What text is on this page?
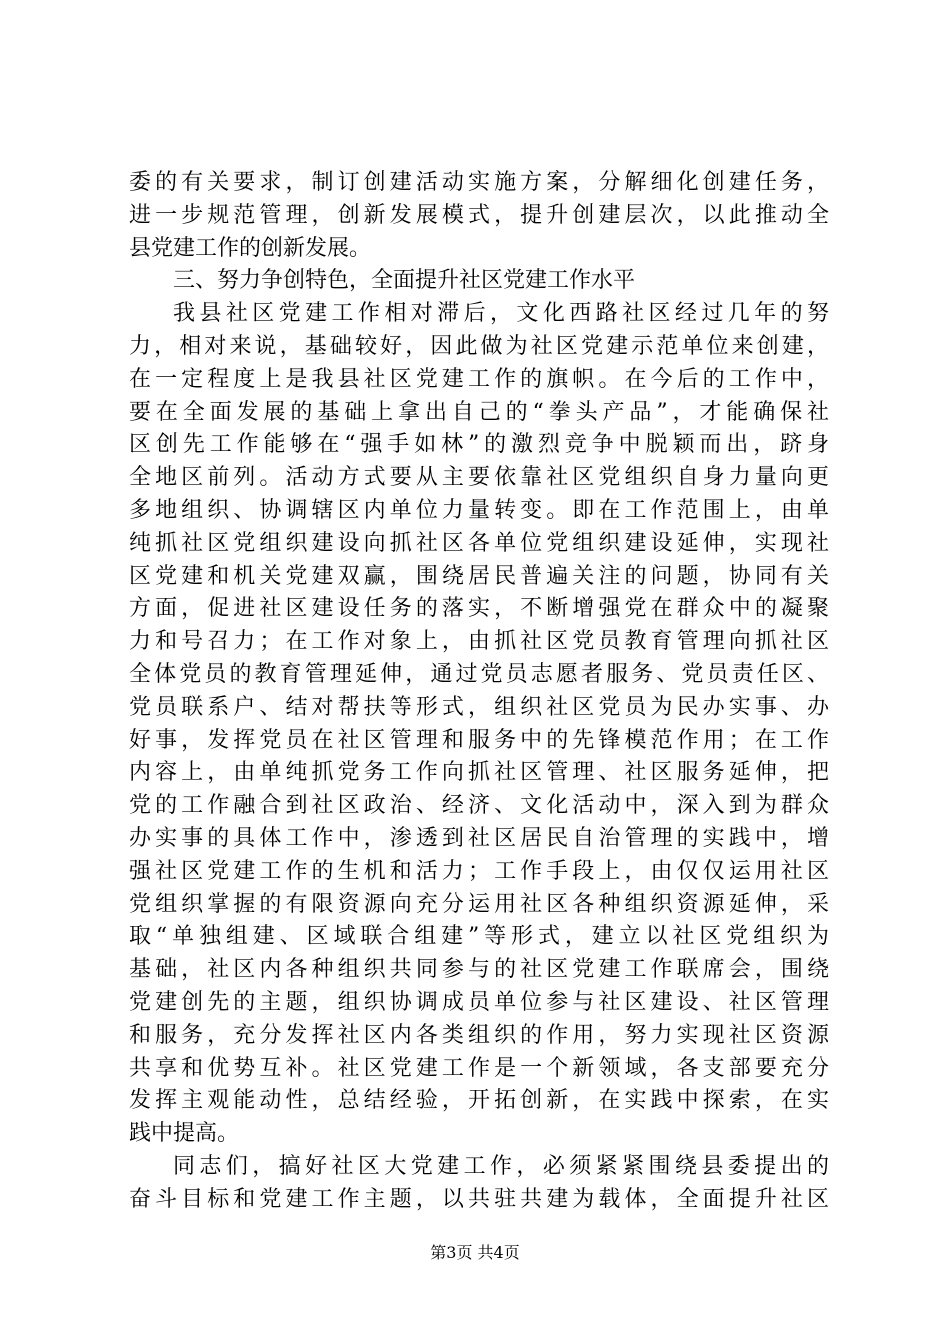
委的有关要求，制订创建活动实施方案，分解细化创建任务，
进一步规范管理，创新发展模式，提升创建层次，以此推动全
县党建工作的创新发展。
三、努力争创特色，全面提升社区党建工作水平
我县社区党建工作相对滞后，文化西路社区经过几年的努
力，相对来说，基础较好，因此做为社区党建示范单位来创建，
在一定程度上是我县社区党建工作的旗帜。在今后的工作中，
要在全面发展的基础上拿出自己的“拳头产品”，才能确保社
区创先工作能够在“强手如林”的激烈竞争中脱颖而出，跻身
全地区前列。活动方式要从主要依靠社区党组织自身力量向更
多地组织、协调辖区内单位力量转变。即在工作范围上，由单
纯抓社区党组织建设向抓社区各单位党组织建设延伸，实现社
区党建和机关党建双赢，围绕居民普遍关注的问题，协同有关
方面，促进社区建设任务的落实，不断增强党在群众中的凝聚
力和号召力；在工作对象上，由抓社区党员教育管理向抓社区
全体党员的教育管理延伸，通过党员志愿者服务、党员责任区、
党员联系户、结对帮扶等形式，组织社区党员为民办实事、办
好事，发挥党员在社区管理和服务中的先锋模范作用；在工作
内容上，由单纯抓党务工作向抓社区管理、社区服务延伸，把
党的工作融合到社区政治、经济、文化活动中，深入到为群众
办实事的具体工作中，渗透到社区居民自治管理的实践中，增
强社区党建工作的生机和活力；工作手段上，由仅仅运用社区
党组织掌握的有限资源向充分运用社区各种组织资源延伸，采
取“单独组建、区域联合组建”等形式，建立以社区党组织为
基础，社区内各种组织共同参与的社区党建工作联席会，围绕
党建创先的主题，组织协调成员单位参与社区建设、社区管理
和服务，充分发挥社区内各类组织的作用，努力实现社区资源
共享和优势互补。社区党建工作是一个新领域，各支部要充分
发挥主观能动性，总结经验，开拓创新，在实践中探索，在实
践中提高。
同志们，搞好社区大党建工作，必须紧紧围绕县委提出的
奋斗目标和党建工作主题，以共驻共建为载体，全面提升社区
第3页 共4页
